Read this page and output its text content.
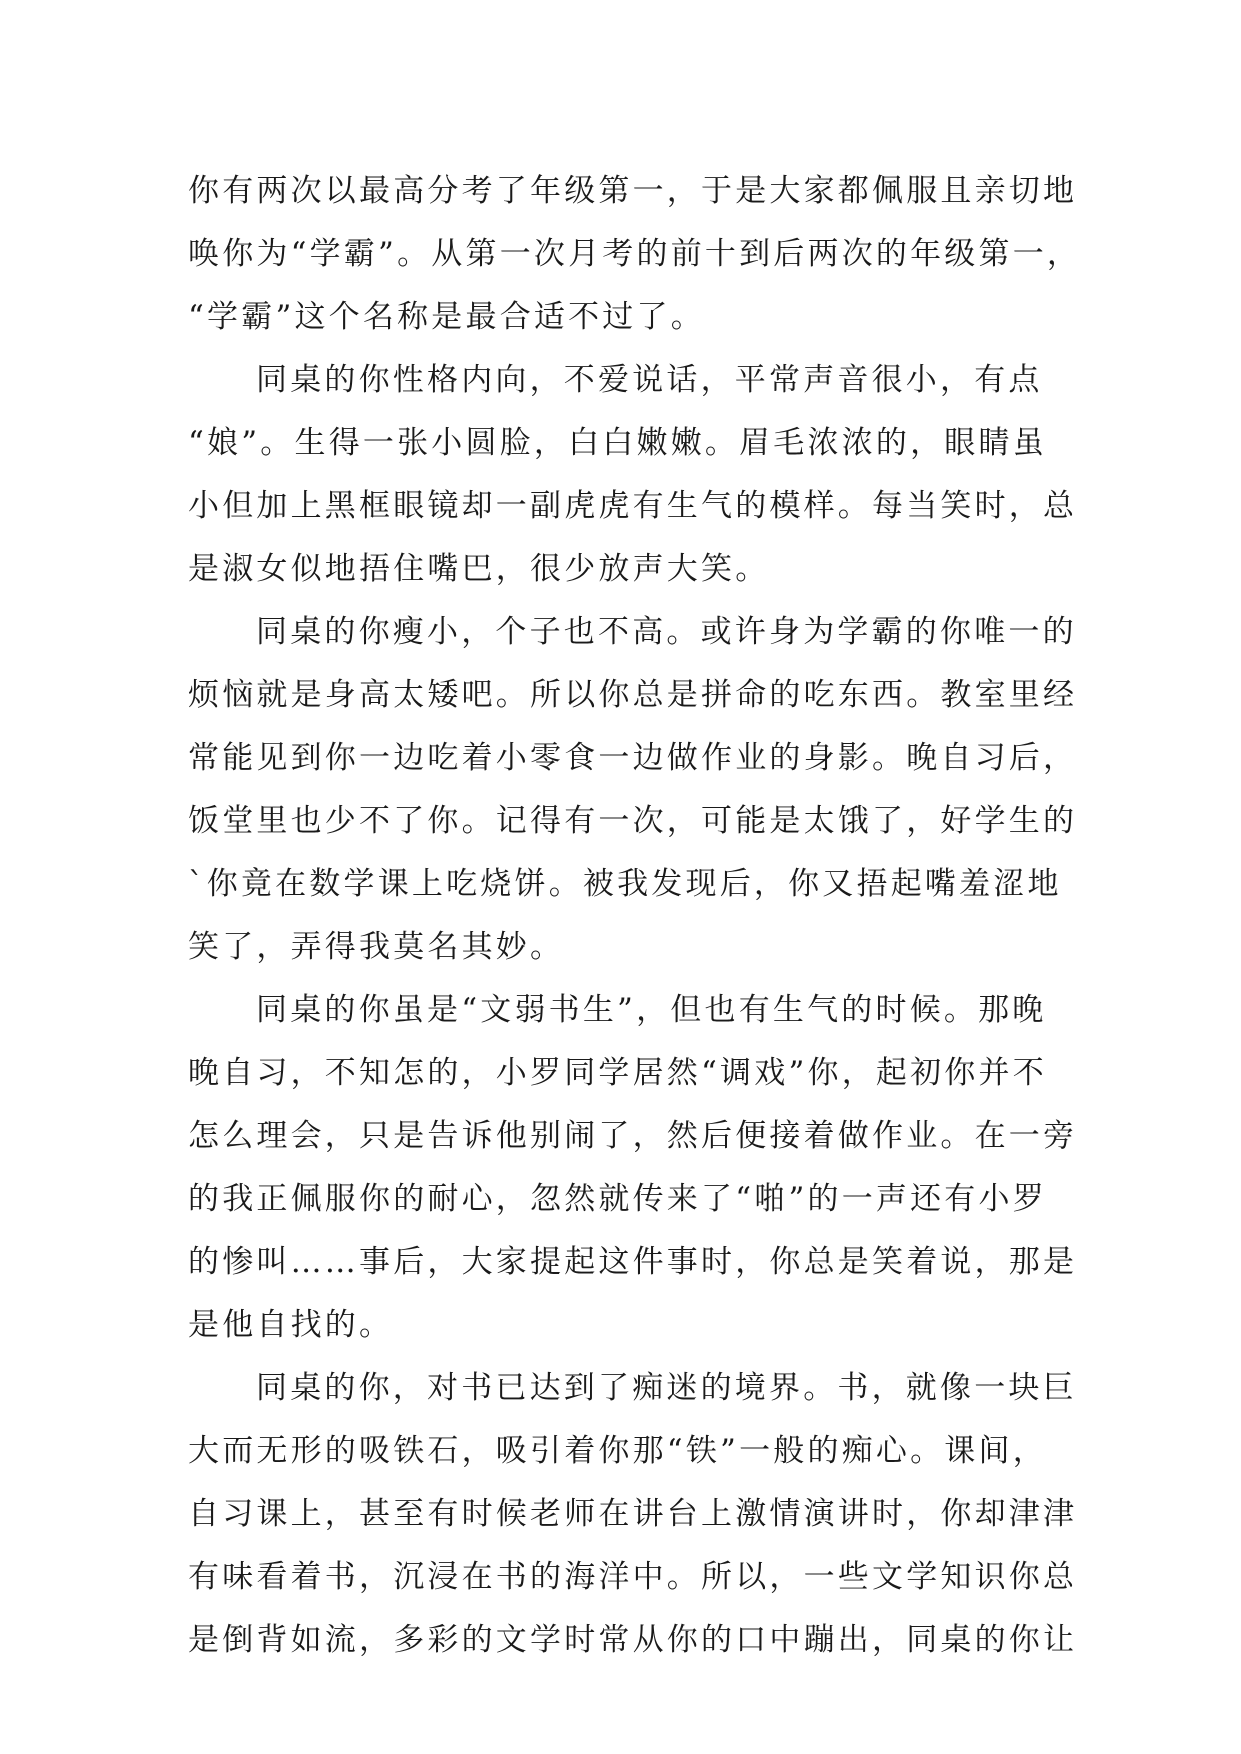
你有两次以最高分考了年级第一，于是大家都佩服且亲切地
唤你为“学霸”。从第一次月考的前十到后两次的年级第一，
“学霸”这个名称是最合适不过了。
同桌的你性格内向，不爱说话，平常声音很小，有点
“娘”。生得一张小圆脸，白白嫩嫩。眉毛浓浓的，眼睛虽
小但加上黑框眼镜却一副虎虎有生气的模样。每当笑时，总
是淑女似地捂住嘴巴，很少放声大笑。
同桌的你瘦小，个子也不高。或许身为学霸的你唯一的
烦恼就是身高太矮吧。所以你总是拼命的吃东西。教室里经
常能见到你一边吃着小零食一边做作业的身影。晚自习后，
饭堂里也少不了你。记得有一次，可能是太饿了，好学生的
`你竟在数学课上吃烧饼。被我发现后，你又捂起嘴羞涩地
笑了，弄得我莫名其妙。
同桌的你虽是“文弱书生”，但也有生气的时候。那晚
晚自习，不知怎的，小罗同学居然“调戏”你，起初你并不
怎么理会，只是告诉他别闹了，然后便接着做作业。在一旁
的我正佩服你的耐心，忽然就传来了“啪”的一声还有小罗
的惨叫……事后，大家提起这件事时，你总是笑着说，那是
是他自找的。
同桌的你，对书已达到了痴迷的境界。书，就像一块巨
大而无形的吸铁石，吸引着你那“铁”一般的痴心。课间，
自习课上，甚至有时候老师在讲台上激情演讲时，你却津津
有味看着书，沉浸在书的海洋中。所以，一些文学知识你总
是倒背如流，多彩的文学时常从你的口中蹦出，同桌的你让
